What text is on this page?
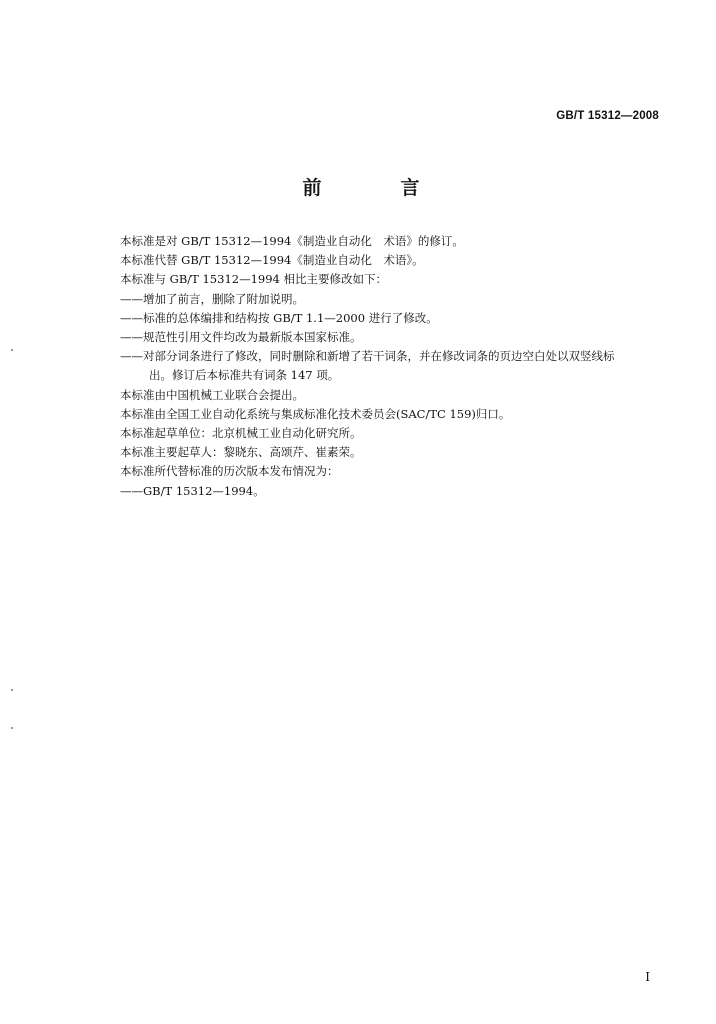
GB/T 15312—2008
前　言

本标准是对 GB/T 15312—1994《制造业自动化　术语》的修订。

本标准代替 GB/T 15312—1994《制造业自动化　术语》。

本标准与 GB/T 15312—1994 相比主要修改如下：

——增加了前言，删除了附加说明。

——标准的总体编排和结构按 GB/T 1.1—2000 进行了修改。

——规范性引用文件均改为最新版本国家标准。

——对部分词条进行了修改，同时删除和新增了若干词条，并在修改词条的页边空白处以双竖线标

出。修订后本标准共有词条 147 项。

本标准由中国机械工业联合会提出。

本标准由全国工业自动化系统与集成标准化技术委员会(SAC/TC 159)归口。

本标准起草单位：北京机械工业自动化研究所。

本标准主要起草人：黎晓东、高颂芹、崔素荣。

本标准所代替标准的历次版本发布情况为：

——GB/T 15312—1994。

Ⅰ
